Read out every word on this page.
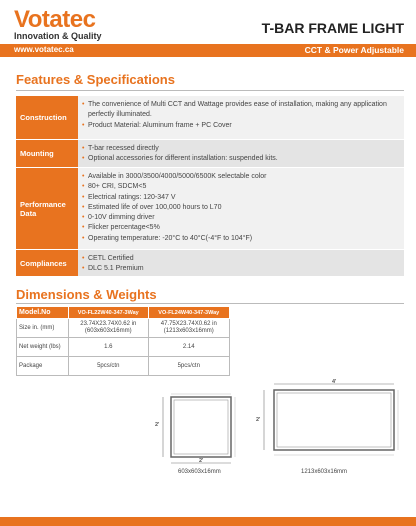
Votatec
Innovation & Quality
www.votatec.ca
T-BAR FRAME LIGHT
CCT & Power Adjustable
Features & Specifications
Construction
• The convenience of Multi CCT and Wattage provides ease of installation, making any application perfectly illuminated.
• Product Material: Aluminum frame + PC Cover
Mounting
• T-bar recessed directly
• Optional accessories for different installation: suspended kits.
Performance Data
• Available in 3000/3500/4000/5000/6500K selectable color
• 80+ CRI, SDCM<5
• Electrical ratings: 120-347 V
• Estimated life of over 100,000 hours to L70
• 0-10V dimming driver
• Flicker percentage<5%
• Operating temperature: -20°C to 40°C(-4°F to 104°F)
Compliances	• CETL Certified
• DLC 5.1 Premium
Dimensions & Weights
Model.No	VO-FL22W40-347-3Way	VO-FL24W40-347-3Way
Size in. (mm)	23.74X23.74X0.62 in (603x603x16mm)	47.75X23.74X0.62 in (1213x603x16mm)
Net weight (lbs)	1.6	2.14
Package	5pcs/ctn	5pcs/ctn
2'
2'
603x603x16mm
4'
2'
1213x603x16mm
